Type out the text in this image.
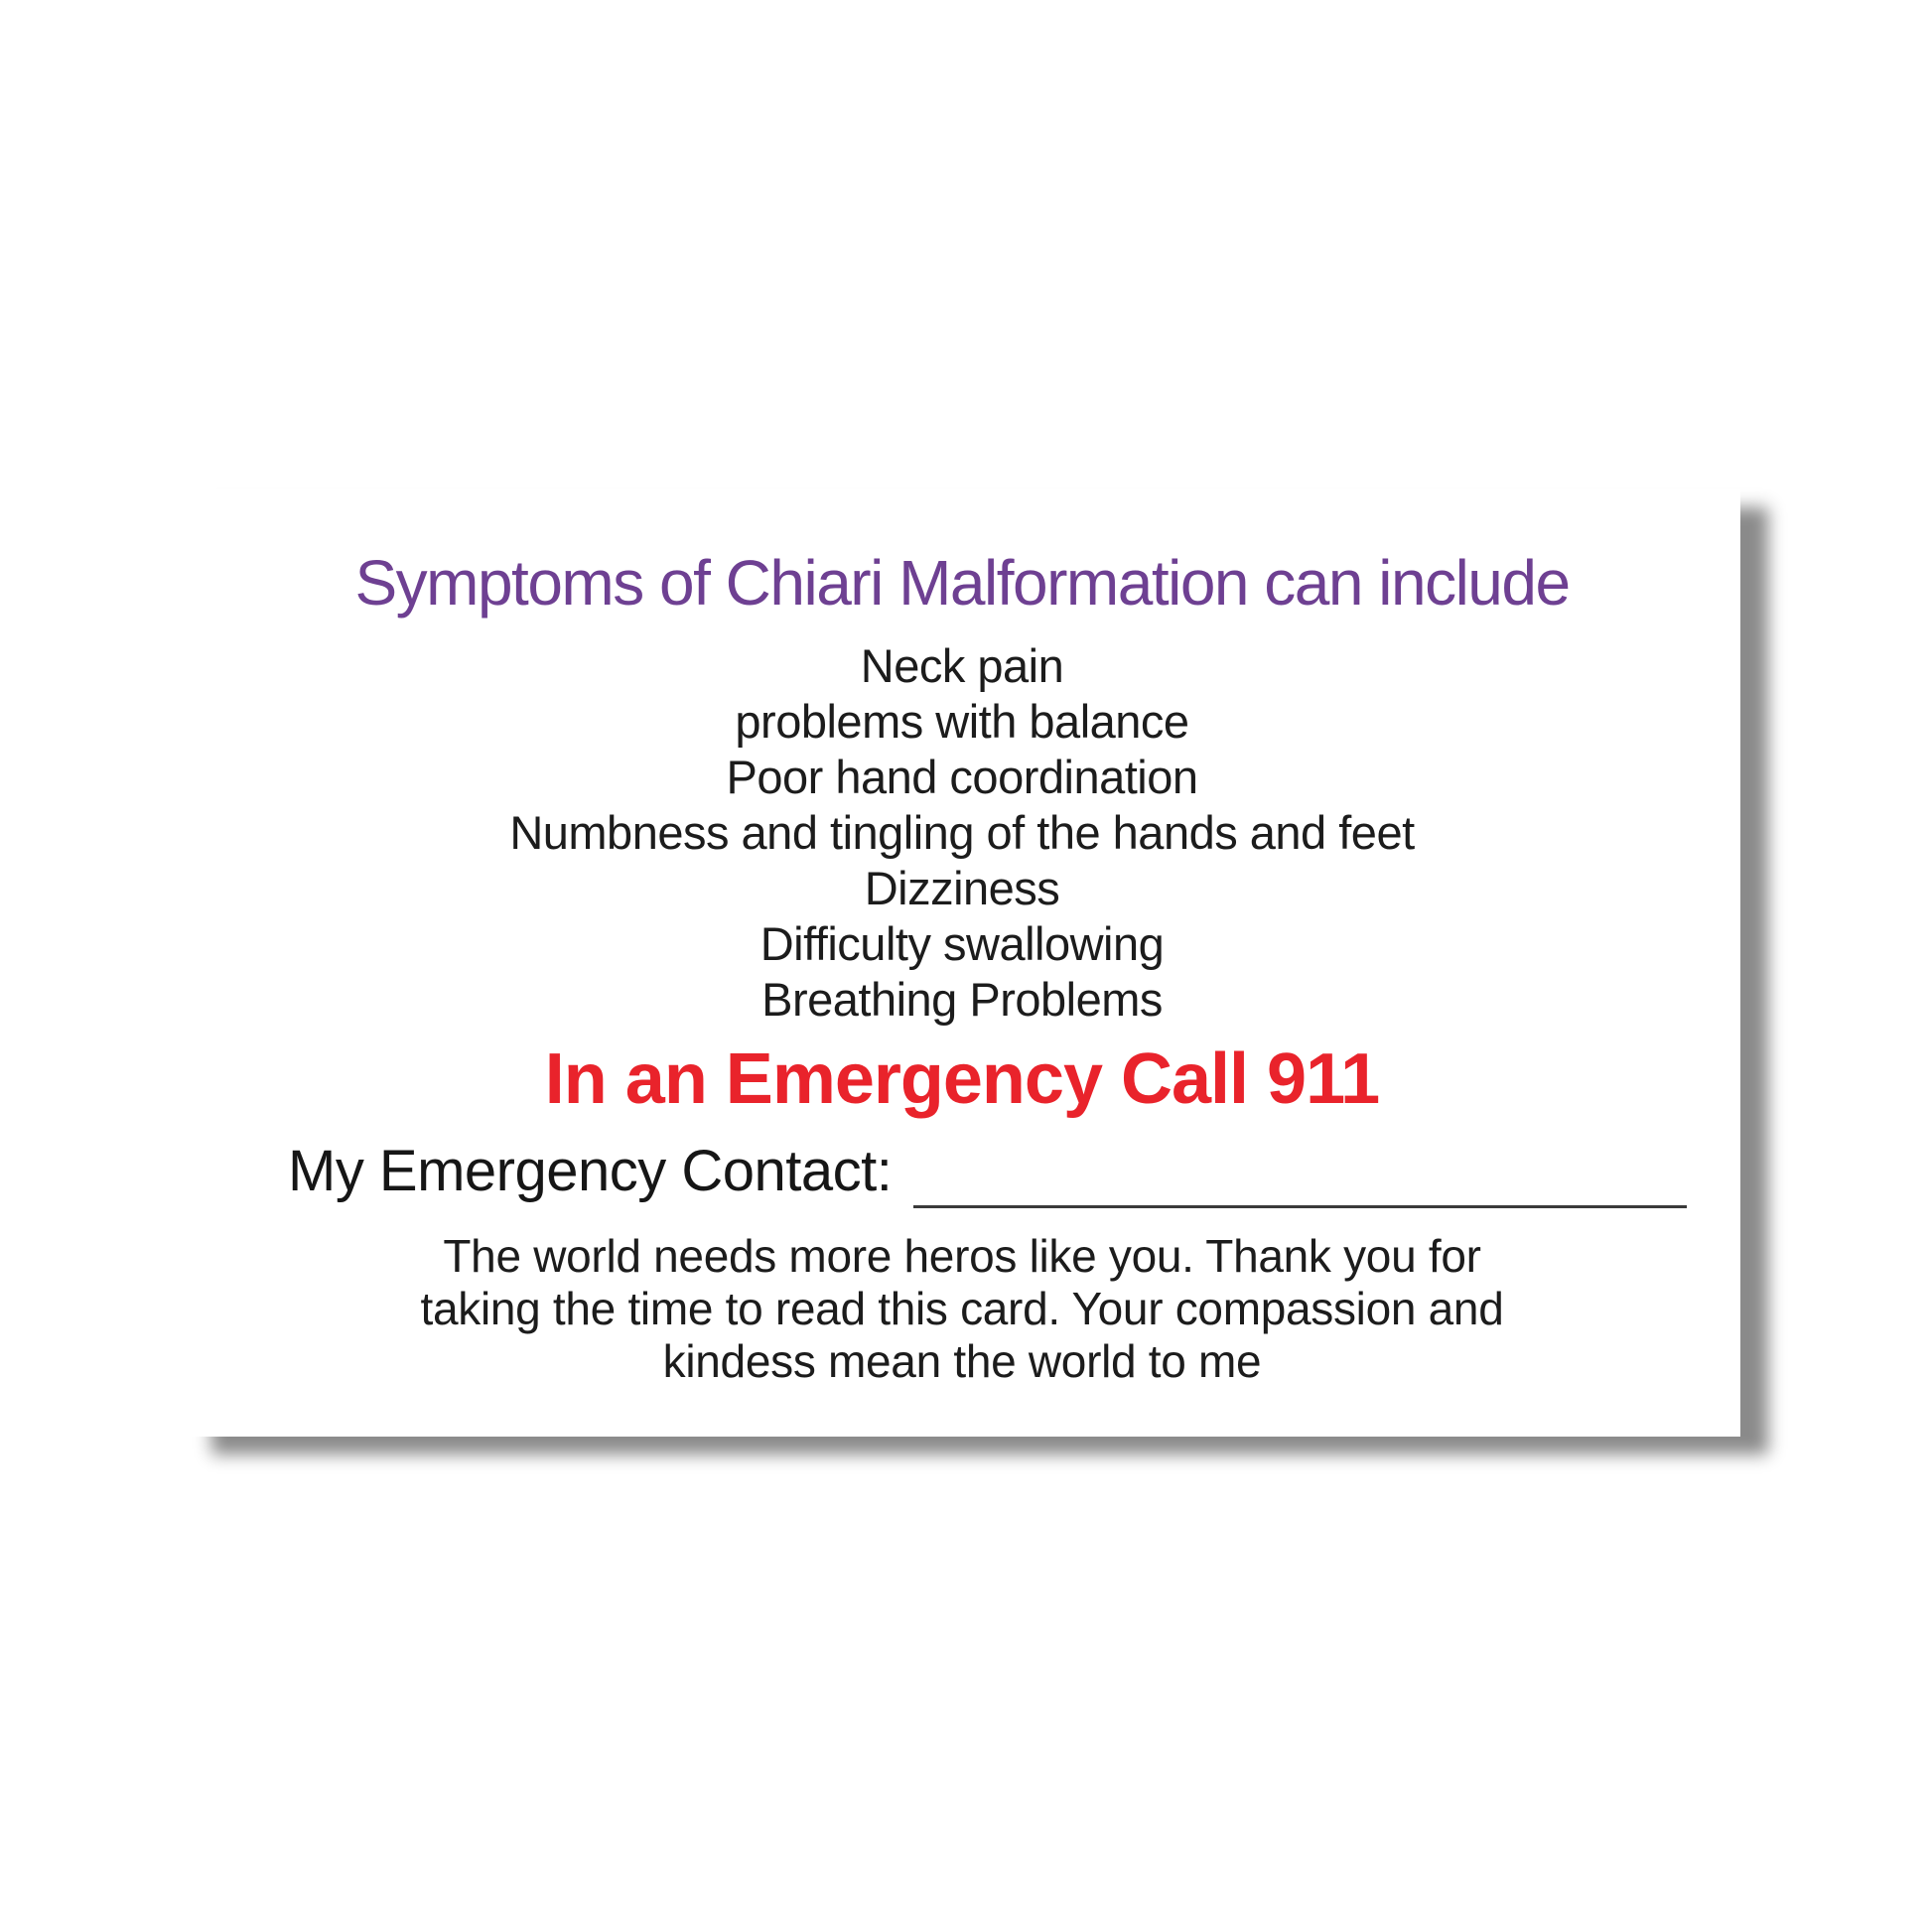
Symptoms of Chiari Malformation can include
Neck pain
problems with balance
Poor hand coordination
Numbness and tingling of the hands and feet
Dizziness
Difficulty swallowing
Breathing Problems
In an Emergency Call 911
My Emergency Contact:
The world needs more heros like you. Thank you for
taking the time to read this card. Your compassion and
kindess mean the world to me
